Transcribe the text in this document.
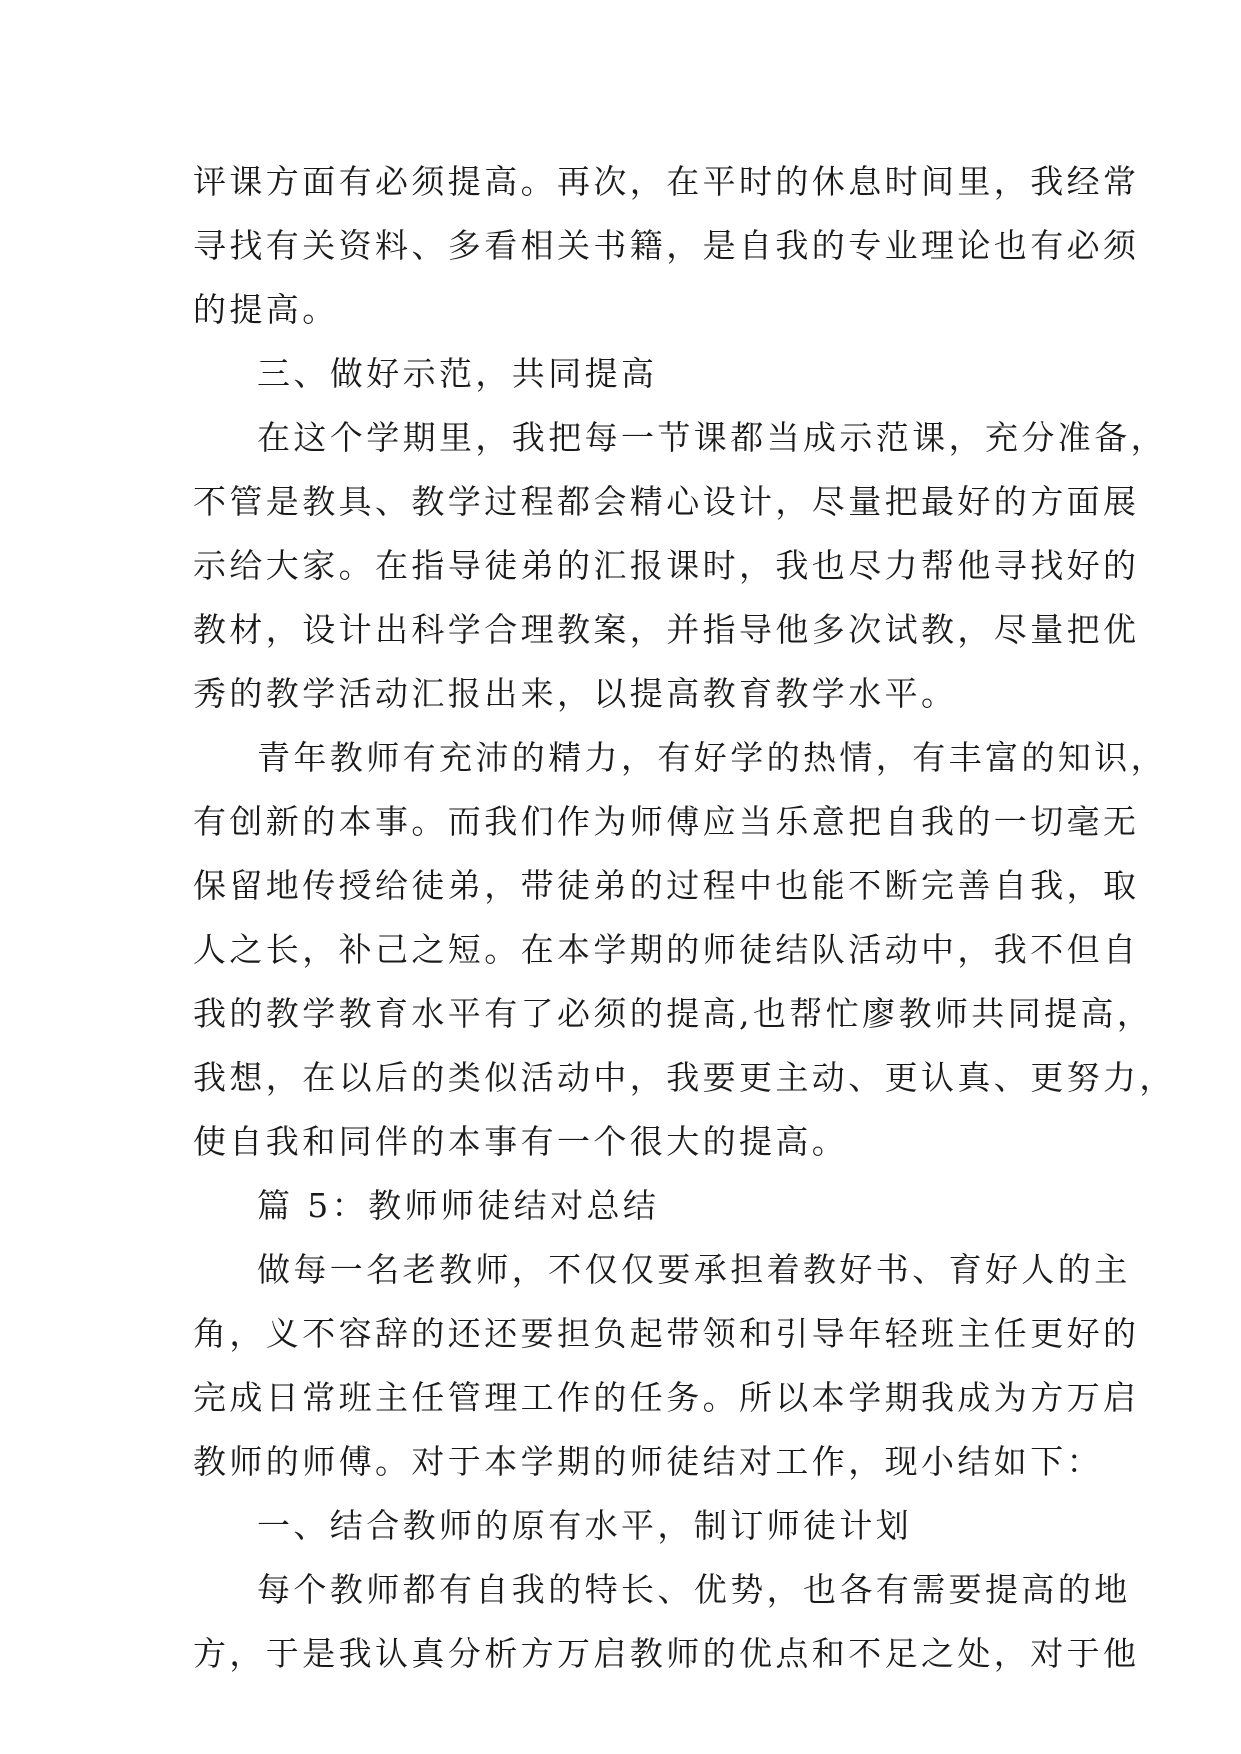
评课方面有必须提高。再次，在平时的休息时间里，我经常
寻找有关资料、多看相关书籍，是自我的专业理论也有必须
的提高。
三、做好示范，共同提高
在这个学期里，我把每一节课都当成示范课，充分准备，
不管是教具、教学过程都会精心设计，尽量把最好的方面展
示给大家。在指导徒弟的汇报课时，我也尽力帮他寻找好的
教材，设计出科学合理教案，并指导他多次试教，尽量把优
秀的教学活动汇报出来，以提高教育教学水平。
青年教师有充沛的精力，有好学的热情，有丰富的知识，
有创新的本事。而我们作为师傅应当乐意把自我的一切毫无
保留地传授给徒弟，带徒弟的过程中也能不断完善自我，取
人之长，补己之短。在本学期的师徒结队活动中，我不但自
我的教学教育水平有了必须的提高,也帮忙廖教师共同提高，
我想，在以后的类似活动中，我要更主动、更认真、更努力，
使自我和同伴的本事有一个很大的提高。
篇 5：教师师徒结对总结
做每一名老教师，不仅仅要承担着教好书、育好人的主
角，义不容辞的还还要担负起带领和引导年轻班主任更好的
完成日常班主任管理工作的任务。所以本学期我成为方万启
教师的师傅。对于本学期的师徒结对工作，现小结如下：
一、结合教师的原有水平，制订师徒计划
每个教师都有自我的特长、优势，也各有需要提高的地
方，于是我认真分析方万启教师的优点和不足之处，对于他
